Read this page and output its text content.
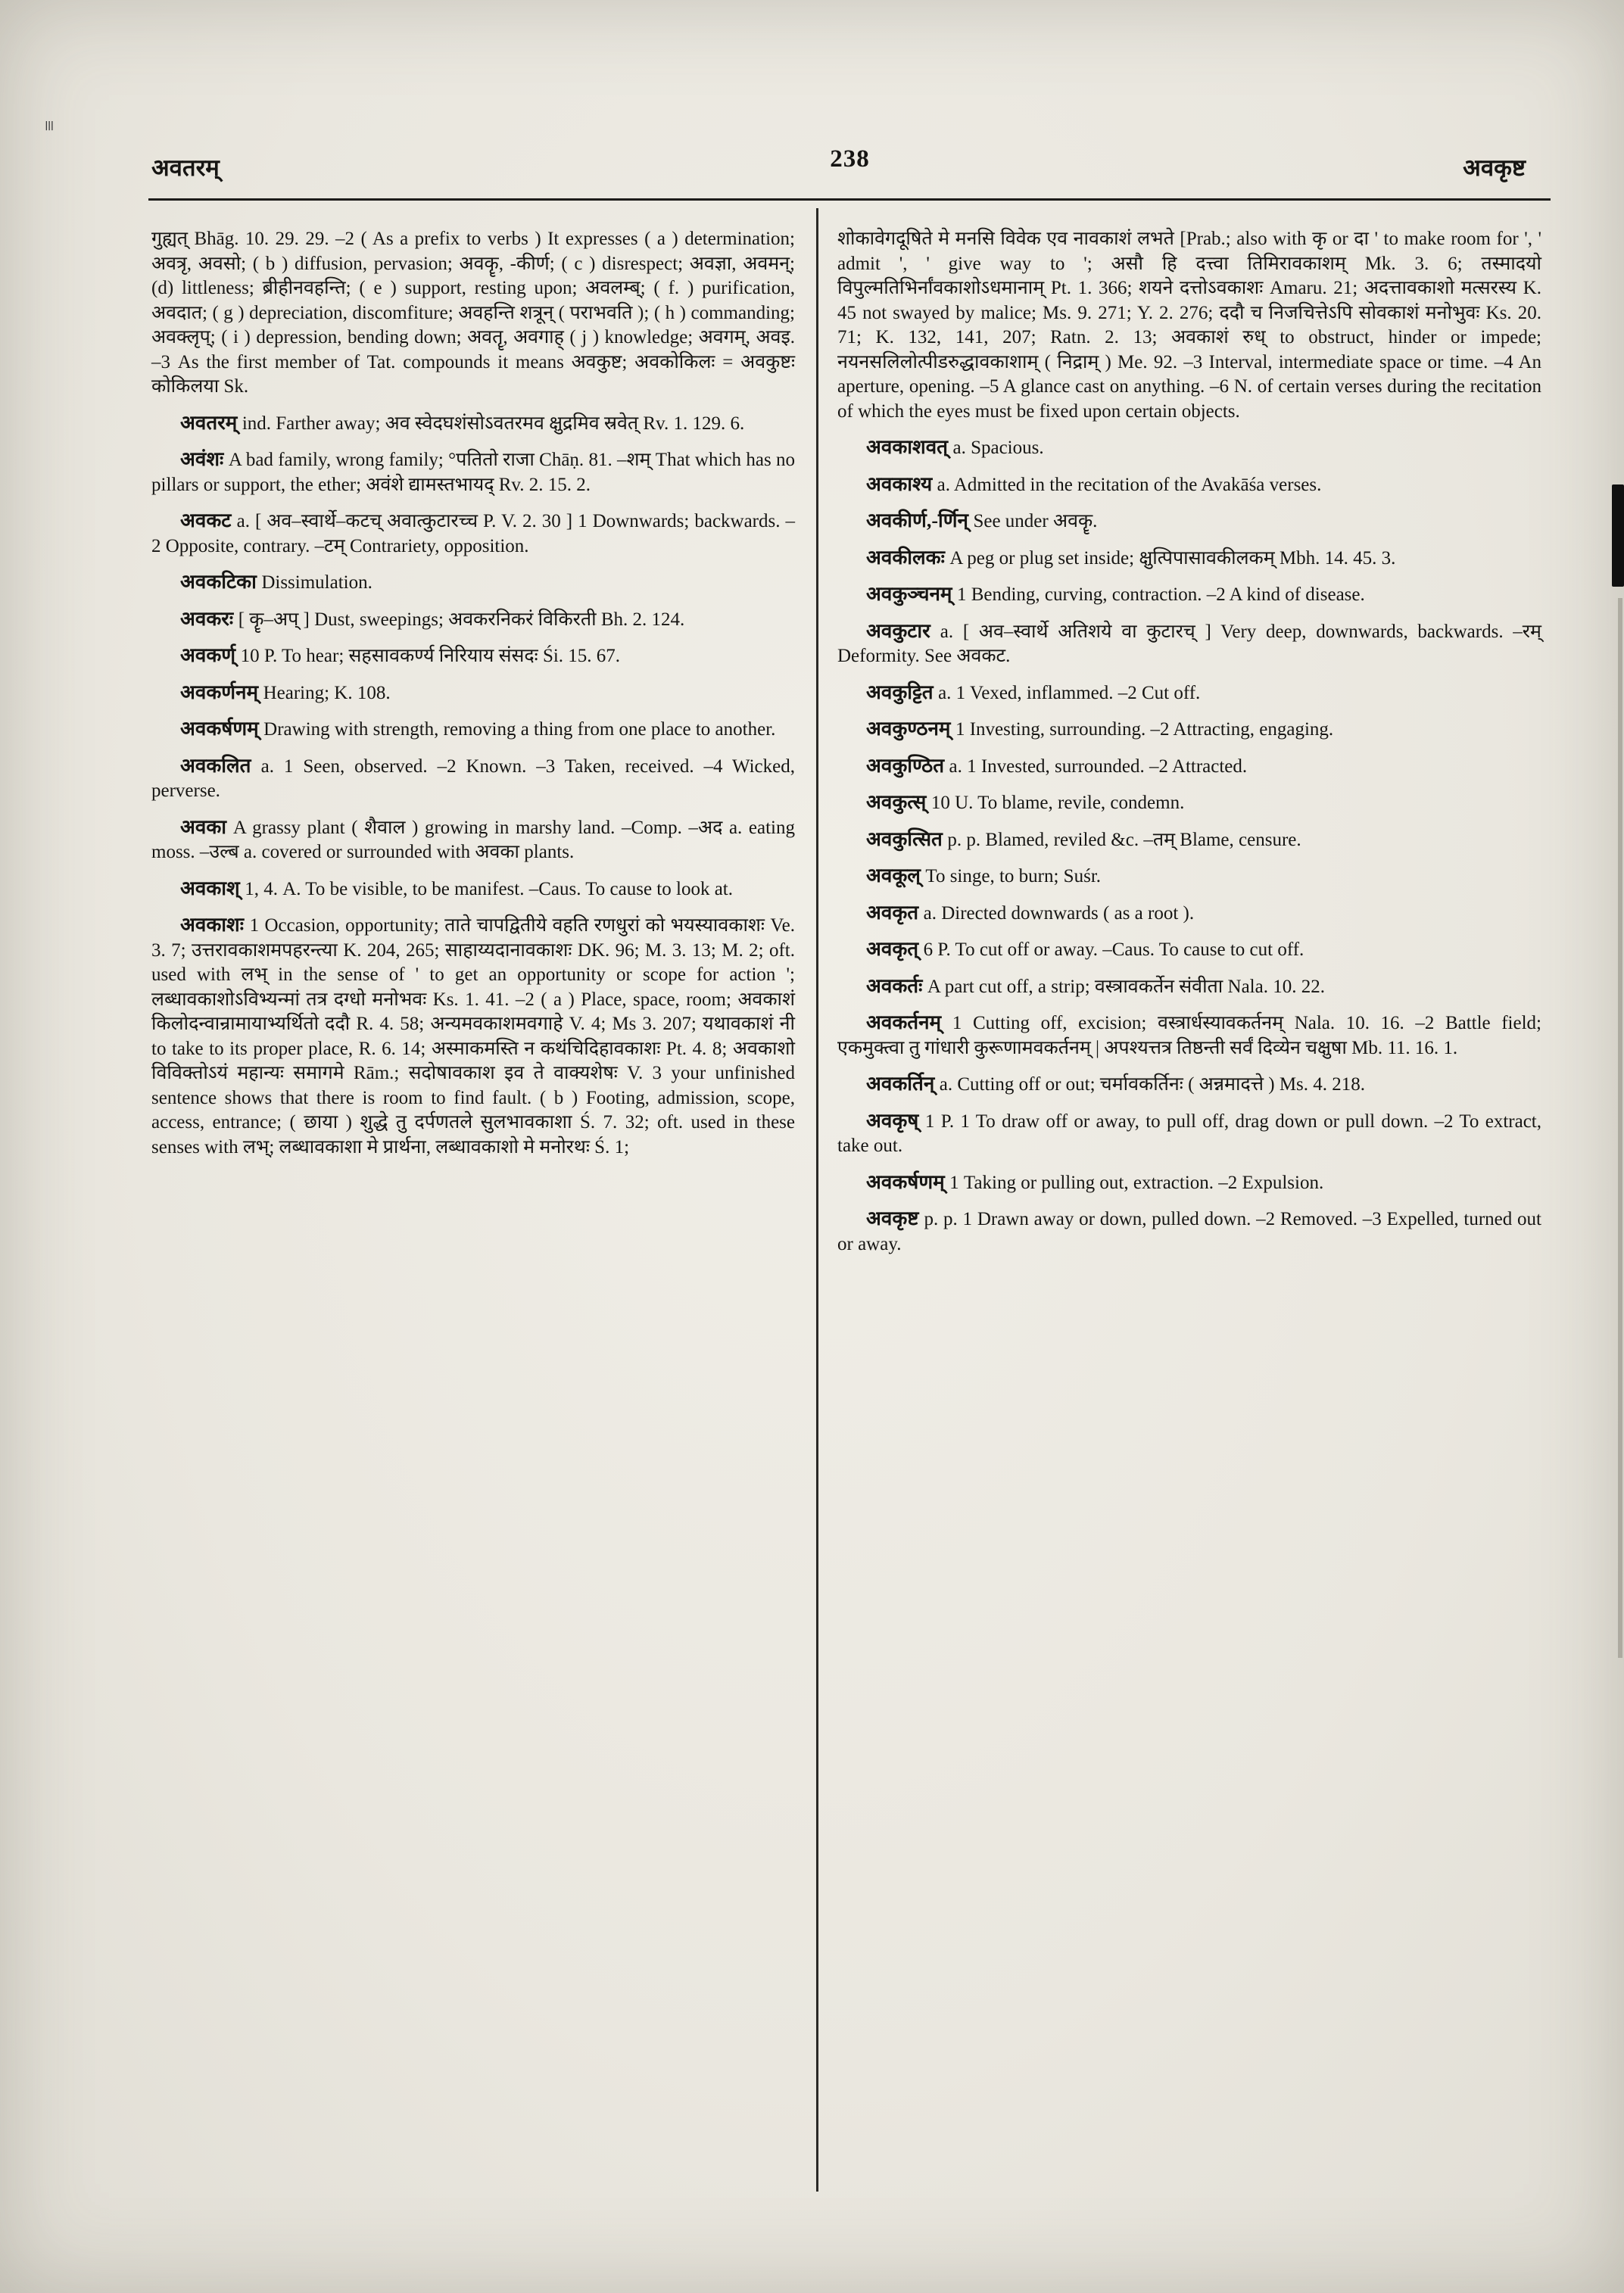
≡
अवतरम्	238	अवकृष्ट

गुह्यत् Bhāg. 10. 29. 29. –2 ( As a prefix to verbs ) It expresses ( a ) determination; अवत्रृ, अवसो; ( b ) diffusion, pervasion; अवकॄ, -कीर्ण; ( c ) disrespect; अवज्ञा, अवमन्; (d) littleness; ब्रीहीनवहन्ति; ( e ) support, resting upon; अवलम्ब्; ( f. ) purification, अवदात; ( g ) depreciation, discomfiture; अवहन्ति शत्रून् ( पराभवति ); ( h ) commanding; अवक्लृप्; ( i ) depression, bending down; अवतॄ, अवगाह् ( j ) knowledge; अवगम्, अवइ. –3 As the first member of Tat. compounds it means अवकुष्ट; अवकोकिलः = अवकुष्टः कोकिलया Sk.

अवतरम् ind. Farther away; अव स्वेदघशंसोऽवतरमव क्षुद्रमिव स्रवेत् Rv. 1. 129. 6.

अवंशः A bad family, wrong family; °पतितो राजा Chāṇ. 81. –शम् That which has no pillars or support, the ether; अवंशे द्यामस्तभायद् Rv. 2. 15. 2.

अवकट a. [ अव–स्वार्थे–कटच् अवात्कुटारच्च P. V. 2. 30 ] 1 Downwards; backwards. –2 Opposite, contrary. –टम् Contrariety, opposition.

अवकटिका Dissimulation.

अवकरः [ कॄ–अप् ] Dust, sweepings; अवकरनिकरं विकिरती Bh. 2. 124.

अवकर्ण् 10 P. To hear; सहसावकर्ण्य निरियाय संसदः Śi. 15. 67.

अवकर्णनम् Hearing; K. 108.

अवकर्षणम् Drawing with strength, removing a thing from one place to another.

अवकलित a. 1 Seen, observed. –2 Known. –3 Taken, received. –4 Wicked, perverse.

अवका A grassy plant ( शैवाल ) growing in marshy land. –Comp. –अद a. eating moss. –उल्ब a. covered or surrounded with अवका plants.

अवकाश् 1, 4. A. To be visible, to be manifest. –Caus. To cause to look at.

अवकाशः 1 Occasion, opportunity; ताते चापद्वितीये वहति रणधुरां को भयस्यावकाशः Ve. 3. 7; उत्तरावकाशमपहरन्त्या K. 204, 265; साहाय्यदानावकाशः DK. 96; M. 3. 13; M. 2; oft. used with लभ् in the sense of ' to get an opportunity or scope for action '; लब्धावकाशोऽविभ्यन्मां तत्र दग्धो मनोभवः Ks. 1. 41. –2 ( a ) Place, space, room; अवकाशं किलोदन्वान्रामायाभ्यर्थितो ददौ R. 4. 58; अन्यमवकाशमवगाहे V. 4; Ms 3. 207; यथावकाशं नी to take to its proper place, R. 6. 14; अस्माकमस्ति न कथंचिदिहावकाशः Pt. 4. 8; अवकाशो विविक्तोऽयं महान्यः समागमे Rām.; सदोषावकाश इव ते वाक्यशेषः V. 3 your unfinished sentence shows that there is room to find fault. ( b ) Footing, admission, scope, access, entrance; ( छाया ) शुद्धे तु दर्पणतले सुलभावकाशा Ś. 7. 32; oft. used in these senses with लभ्; लब्धावकाशा मे प्रार्थना, लब्धावकाशो मे मनोरथः Ś. 1;

शोकावेगदूषिते मे मनसि विवेक एव नावकाशं लभते [Prab.; also with कृ or दा ' to make room for ', ' admit ', ' give way to '; असौ हि दत्त्वा तिमिरावकाशम् Mk. 3. 6; तस्मादयो विपुल्मतिभिर्नांवकाशोऽधमानाम् Pt. 1. 366; शयने दत्तोऽवकाशः Amaru. 21; अदत्तावकाशो मत्सरस्य K. 45 not swayed by malice; Ms. 9. 271; Y. 2. 276; ददौ च निजचित्तेऽपि सोवकाशं मनोभुवः Ks. 20. 71; K. 132, 141, 207; Ratn. 2. 13; अवकाशं रुध् to obstruct, hinder or impede; नयनसलिलोत्पीडरुद्धावकाशाम् ( निद्राम् ) Me. 92. –3 Interval, intermediate space or time. –4 An aperture, opening. –5 A glance cast on anything. –6 N. of certain verses during the recitation of which the eyes must be fixed upon certain objects.

अवकाशवत् a. Spacious.

अवकाश्य a. Admitted in the recitation of the Avakāśa verses.

अवकीर्ण,-र्णिन् See under अवकॄ.

अवकीलकः A peg or plug set inside; क्षुत्पिपासावकीलकम् Mbh. 14. 45. 3.

अवकुञ्चनम् 1 Bending, curving, contraction. –2 A kind of disease.

अवकुटार a. [ अव–स्वार्थे अतिशये वा कुटारच् ] Very deep, downwards, backwards. –रम् Deformity. See अवकट.

अवकुट्टित a. 1 Vexed, inflammed. –2 Cut off.

अवकुण्ठनम् 1 Investing, surrounding. –2 Attracting, engaging.

अवकुण्ठित a. 1 Invested, surrounded. –2 Attracted.

अवकुत्स् 10 U. To blame, revile, condemn.

अवकुत्सित p. p. Blamed, reviled &c. –तम् Blame, censure.

अवकूल् To singe, to burn; Suśr.

अवकृत a. Directed downwards ( as a root ).

अवकृत् 6 P. To cut off or away. –Caus. To cause to cut off.

अवकर्तः A part cut off, a strip; वस्त्रावकर्तेन संवीता Nala. 10. 22.

अवकर्तनम् 1 Cutting off, excision; वस्त्रार्धस्यावकर्तनम् Nala. 10. 16. –2 Battle field; एकमुक्त्वा तु गांधारी कुरूणामवकर्तनम् | अपश्यत्तत्र तिष्ठन्ती सर्वं दिव्येन चक्षुषा Mb. 11. 16. 1.

अवकर्तिन् a. Cutting off or out; चर्मावकर्तिनः ( अन्नमादत्ते ) Ms. 4. 218.

अवकृष् 1 P. 1 To draw off or away, to pull off, drag down or pull down. –2 To extract, take out.

अवकर्षणम् 1 Taking or pulling out, extraction. –2 Expulsion.

अवकृष्ट p. p. 1 Drawn away or down, pulled down. –2 Removed. –3 Expelled, turned out or away.
